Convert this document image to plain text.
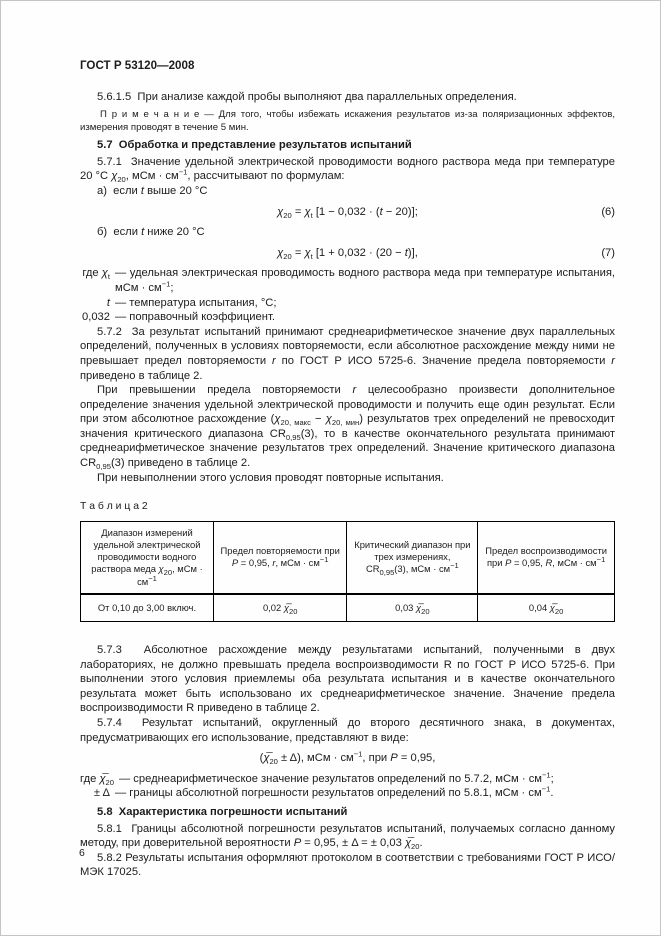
ГОСТ Р 53120—2008

5.6.1.5  При анализе каждой пробы выполняют два параллельных определения.

П р и м е ч а н и е — Для того, чтобы избежать искажения результатов из-за поляризационных эффектов, измерения проводят в течение 5 мин.

5.7  Обработка и представление результатов испытаний

5.7.1  Значение удельной электрической проводимости водного раствора меда при температуре 20 °С $\chi_{20}$, мСм · $см^{-1}$, рассчитывают по формулам:

а)  если t выше 20 °С

$\chi_{20} = \chi_t$ [1 − 0,032 · (t − 20)];	(6)

б)  если t ниже 20 °С

$\chi_{20} = \chi_t$ [1 + 0,032 · (20 − t)],	(7)
где $\chi_t$ — удельная электрическая проводимость водного раствора меда при температуре испытания, мСм · $см^{-1}$;
t — температура испытания, °С;
0,032 — поправочный коэффициент.

5.7.2  За результат испытаний принимают среднеарифметическое значение двух параллельных определений, полученных в условиях повторяемости, если абсолютное расхождение между ними не превышает предел повторяемости r по ГОСТ Р ИСО 5725-6. Значение предела повторяемости r приведено в таблице 2.

При превышении предела повторяемости r целесообразно произвести дополнительное определение значения удельной электрической проводимости и получить еще один результат. Если при этом абсолютное расхождение $(\chi_{20, макс} - \chi_{20, мин})$ результатов трех определений не превосходит значения критического диапазона $CR_{0,95}(3)$, то в качестве окончательного результата принимают среднеарифметическое значение результатов трех определений. Значение критического диапазона $CR_{0,95}(3)$ приведено в таблице 2.

При невыполнении этого условия проводят повторные испытания.

Т а б л и ц а 2
Диапазон измерений удельной электрической проводимости водного раствора меда $\chi_{20}$, мСм · $см^{-1}$	Предел повторяемости при P = 0,95, r, мСм · $см^{-1}$	Критический диапазон при трех измерениях, $CR_{0,95}(3)$, мСм · $см^{-1}$	Предел воспроизводимости при P = 0,95, R, мСм · $см^{-1}$
От 0,10 до 3,00 включ.	0,02 $\chi̅_{20}$	0,03 $\chi̅_{20}$	0,04 $\chi̅_{20}$

5.7.3  Абсолютное расхождение между результатами испытаний, полученными в двух лабораториях, не должно превышать предела воспроизводимости R по ГОСТ Р ИСО 5725-6. При выполнении этого условия приемлемы оба результата испытания и в качестве окончательного результата может быть использовано их среднеарифметическое значение. Значение предела воспроизводимости R приведено в таблице 2.

5.7.4  Результат испытаний, округленный до второго десятичного знака, в документах, предусматривающих его использование, представляют в виде:

$(\chi̅_{20} \pm \Delta)$, мСм · $см^{-1}$, при P = 0,95,
где $\chi̅_{20}$ — среднеарифметическое значение результатов определений по 5.7.2, мСм · $см^{-1}$;
± Δ — границы абсолютной погрешности результатов определений по 5.8.1, мСм · $см^{-1}$.

5.8  Характеристика погрешности испытаний

5.8.1  Границы абсолютной погрешности результатов испытаний, получаемых согласно данному методу, при доверительной вероятности P = 0,95, ± Δ = ± 0,03 $\chi̅_{20}$.

5.8.2 Результаты испытания оформляют протоколом в соответствии с требованиями ГОСТ Р ИСО/МЭК 17025.

6
